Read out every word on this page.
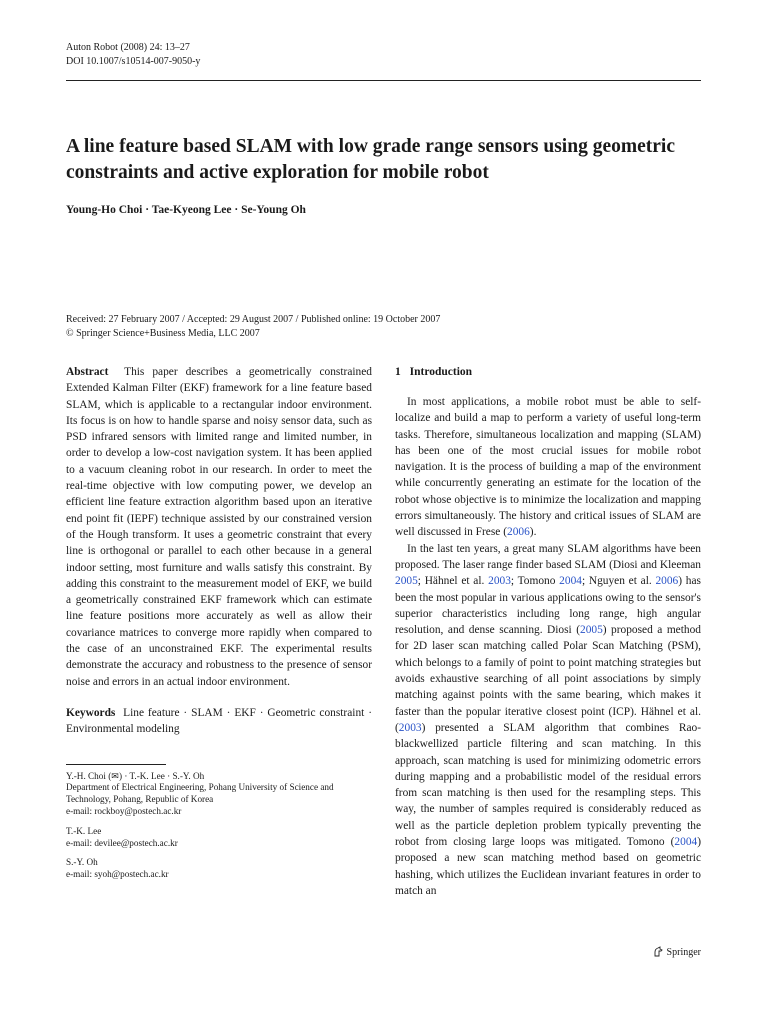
Auton Robot (2008) 24: 13–27
DOI 10.1007/s10514-007-9050-y
A line feature based SLAM with low grade range sensors using geometric constraints and active exploration for mobile robot
Young-Ho Choi · Tae-Kyeong Lee · Se-Young Oh
Received: 27 February 2007 / Accepted: 29 August 2007 / Published online: 19 October 2007
© Springer Science+Business Media, LLC 2007

Abstract This paper describes a geometrically constrained Extended Kalman Filter (EKF) framework for a line feature based SLAM, which is applicable to a rectangular indoor environment. Its focus is on how to handle sparse and noisy sensor data, such as PSD infrared sensors with limited range and limited number, in order to develop a low-cost navigation system. It has been applied to a vacuum cleaning robot in our research. In order to meet the real-time objective with low computing power, we develop an efficient line feature extraction algorithm based upon an iterative end point fit (IEPF) technique assisted by our constrained version of the Hough transform. It uses a geometric constraint that every line is orthogonal or parallel to each other because in a general indoor setting, most furniture and walls satisfy this constraint. By adding this constraint to the measurement model of EKF, we build a geometrically constrained EKF framework which can estimate line feature positions more accurately as well as allow their covariance matrices to converge more rapidly when compared to the case of an unconstrained EKF. The experimental results demonstrate the accuracy and robustness to the presence of sensor noise and errors in an actual indoor environment.

Keywords Line feature · SLAM · EKF · Geometric constraint · Environmental modeling

Y.-H. Choi (✉) · T.-K. Lee · S.-Y. Oh
Department of Electrical Engineering, Pohang University of Science and Technology, Pohang, Republic of Korea
e-mail: rockboy@postech.ac.kr
T.-K. Lee
e-mail: devilee@postech.ac.kr
S.-Y. Oh
e-mail: syoh@postech.ac.kr
1 Introduction

In most applications, a mobile robot must be able to self-localize and build a map to perform a variety of useful long-term tasks. Therefore, simultaneous localization and mapping (SLAM) has been one of the most crucial issues for mobile robot navigation. It is the process of building a map of the environment while concurrently generating an estimate for the location of the robot whose objective is to minimize the localization and mapping errors simultaneously. The history and critical issues of SLAM are well discussed in Frese (2006).

In the last ten years, a great many SLAM algorithms have been proposed. The laser range finder based SLAM (Diosi and Kleeman 2005; Hähnel et al. 2003; Tomono 2004; Nguyen et al. 2006) has been the most popular in various applications owing to the sensor's superior characteristics including long range, high angular resolution, and dense scanning. Diosi (2005) proposed a method for 2D laser scan matching called Polar Scan Matching (PSM), which belongs to a family of point to point matching strategies but avoids exhaustive searching of all point associations by simply matching against points with the same bearing, which makes it faster than the popular iterative closest point (ICP). Hähnel et al. (2003) presented a SLAM algorithm that combines Rao-blackwellized particle filtering and scan matching. In this approach, scan matching is used for minimizing odometric errors during mapping and a probabilistic model of the residual errors from scan matching is then used for the resampling steps. This way, the number of samples required is considerably reduced as well as the particle depletion problem typically preventing the robot from closing large loops was mitigated. Tomono (2004) proposed a new scan matching method based on geometric hashing, which utilizes the Euclidean invariant features in order to match an

Springer
